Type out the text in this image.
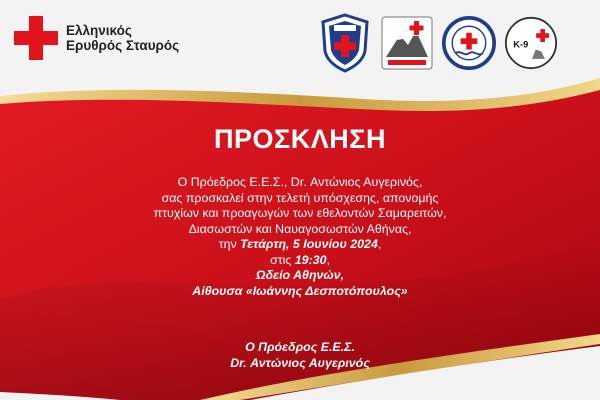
Ελληνικός
Ερυθρός Σταυρός	K-9
ΠΡΟΣΚΛΗΣΗ
Ο Πρόεδρος Ε.Ε.Σ., Dr. Αντώνιος Αυγερινός,
σας προσκαλεί στην τελετή υπόσχεσης, απονομής
πτυχίων και προαγωγών των εθελοντών Σαμαρειτών,
Διασωστών και Ναυαγοσωστών Αθήνας,
την Τετάρτη, 5 Ιουνίου 2024,
στις 19:30,
Ωδείο Αθηνών,
Αίθουσα «Ιωάννης Δεσποτόπουλος»
Ο Πρόεδρος Ε.Ε.Σ.
Dr. Αντώνιος Αυγερινός
